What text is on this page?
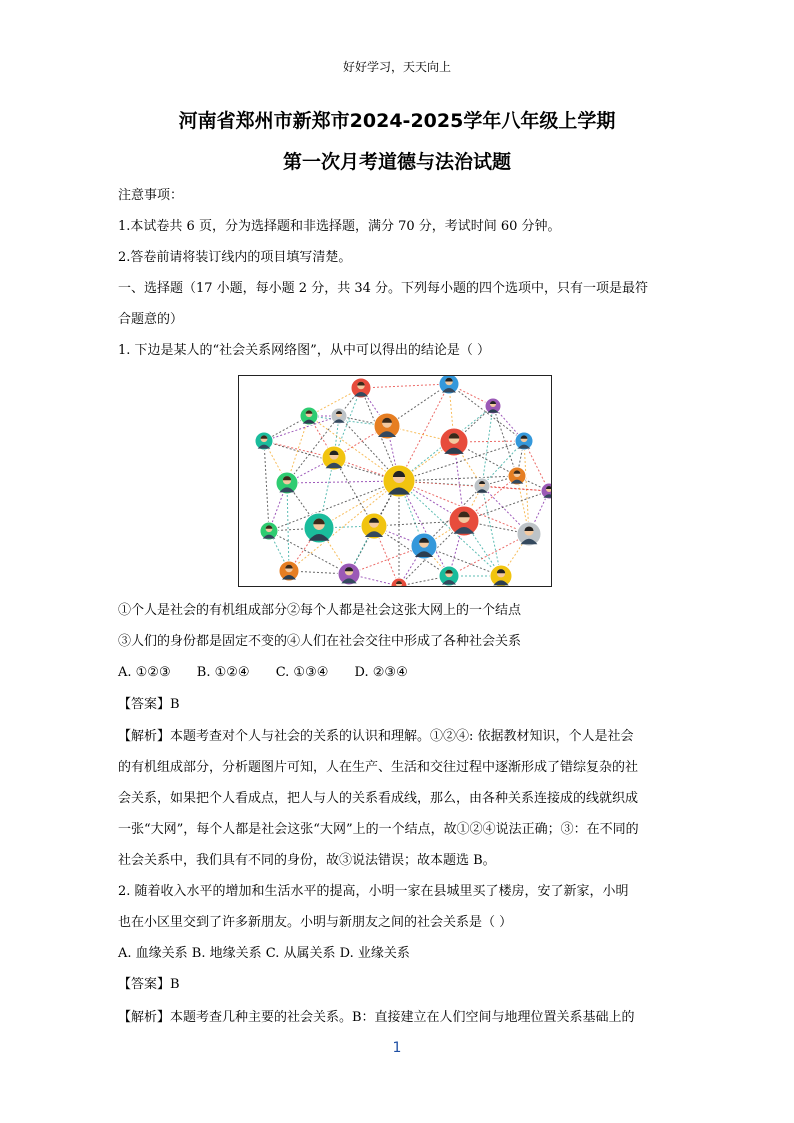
好好学习，天天向上
河南省郑州市新郑市2024-2025学年八年级上学期
第一次月考道德与法治试题
注意事项：
1.本试卷共 6 页，分为选择题和非选择题，满分 70 分，考试时间 60 分钟。
2.答卷前请将装订线内的项目填写清楚。
一、选择题（17 小题，每小题 2 分，共 34 分。下列每小题的四个选项中，只有一项是最符
合题意的）
1. 下边是某人的“社会关系网络图”，从中可以得出的结论是（ ）
①个人是社会的有机组成部分②每个人都是社会这张大网上的一个结点
③人们的身份都是固定不变的④人们在社会交往中形成了各种社会关系
A. ①②③ B. ①②④ C. ①③④ D. ②③④
【答案】B
【解析】本题考查对个人与社会的关系的认识和理解。①②④: 依据教材知识，个人是社会
的有机组成部分，分析题图片可知，人在生产、生活和交往过程中逐渐形成了错综复杂的社
会关系，如果把个人看成点，把人与人的关系看成线，那么，由各种关系连接成的线就织成
一张“大网”，每个人都是社会这张“大网”上的一个结点，故①②④说法正确；③：在不同的
社会关系中，我们具有不同的身份，故③说法错误；故本题选 B。
2. 随着收入水平的增加和生活水平的提高，小明一家在县城里买了楼房，安了新家，小明
也在小区里交到了许多新朋友。小明与新朋友之间的社会关系是（ ）
A. 血缘关系 B. 地缘关系 C. 从属关系 D. 业缘关系
【答案】B
【解析】本题考查几种主要的社会关系。B：直接建立在人们空间与地理位置关系基础上的
1
